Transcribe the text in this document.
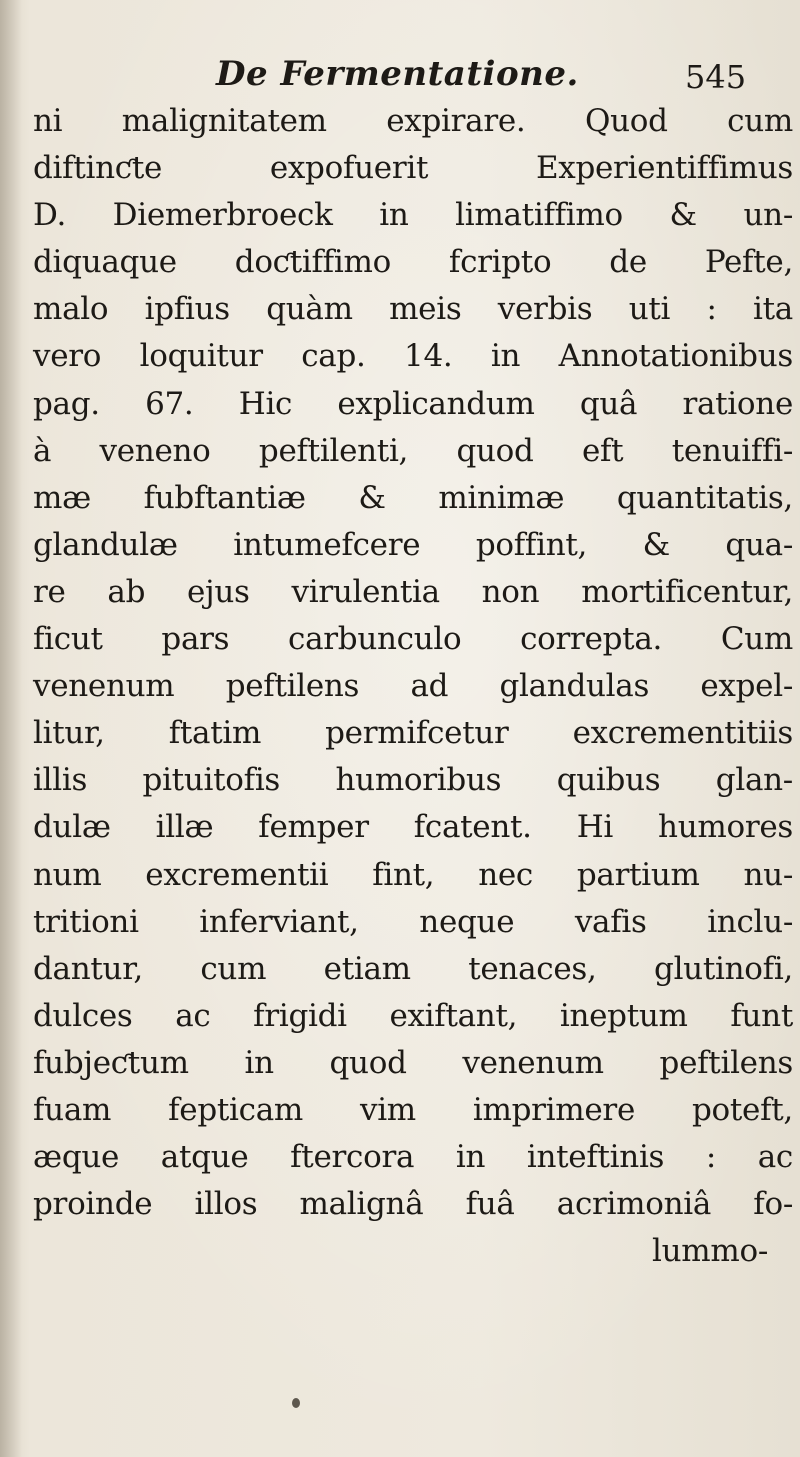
De Fermentatione.	545
ni malignitatem expirare. Quod cum
diftinƈte expofuerit Experientiffimus
D. Diemerbroeck in limatiffimo & un-
diquaque doƈtiffimo fcripto de Pefte,
malo ipfius quàm meis verbis uti : ita
vero loquitur cap. 14. in Annotationibus
pag. 67. Hic explicandum quâ ratione
à veneno peftilenti, quod eft tenuiffi-
mæ fubftantiæ & minimæ quantitatis,
glandulæ intumefcere poffint, & qua-
re ab ejus virulentia non mortificentur,
ficut pars carbunculo correpta. Cum
venenum peftilens ad glandulas expel-
litur, ftatim permifcetur excrementitiis
illis pituitofis humoribus quibus glan-
dulæ illæ femper fcatent. Hi humores
num excrementii fint, nec partium nu-
tritioni inferviant, neque vafis inclu-
dantur, cum etiam tenaces, glutinofi,
dulces ac frigidi exiftant, ineptum funt
fubjeƈtum in quod venenum peftilens
fuam fepticam vim imprimere poteft,
æque atque ftercora in inteftinis : ac
proinde illos malignâ fuâ acrimoniâ fo-
lummo-
